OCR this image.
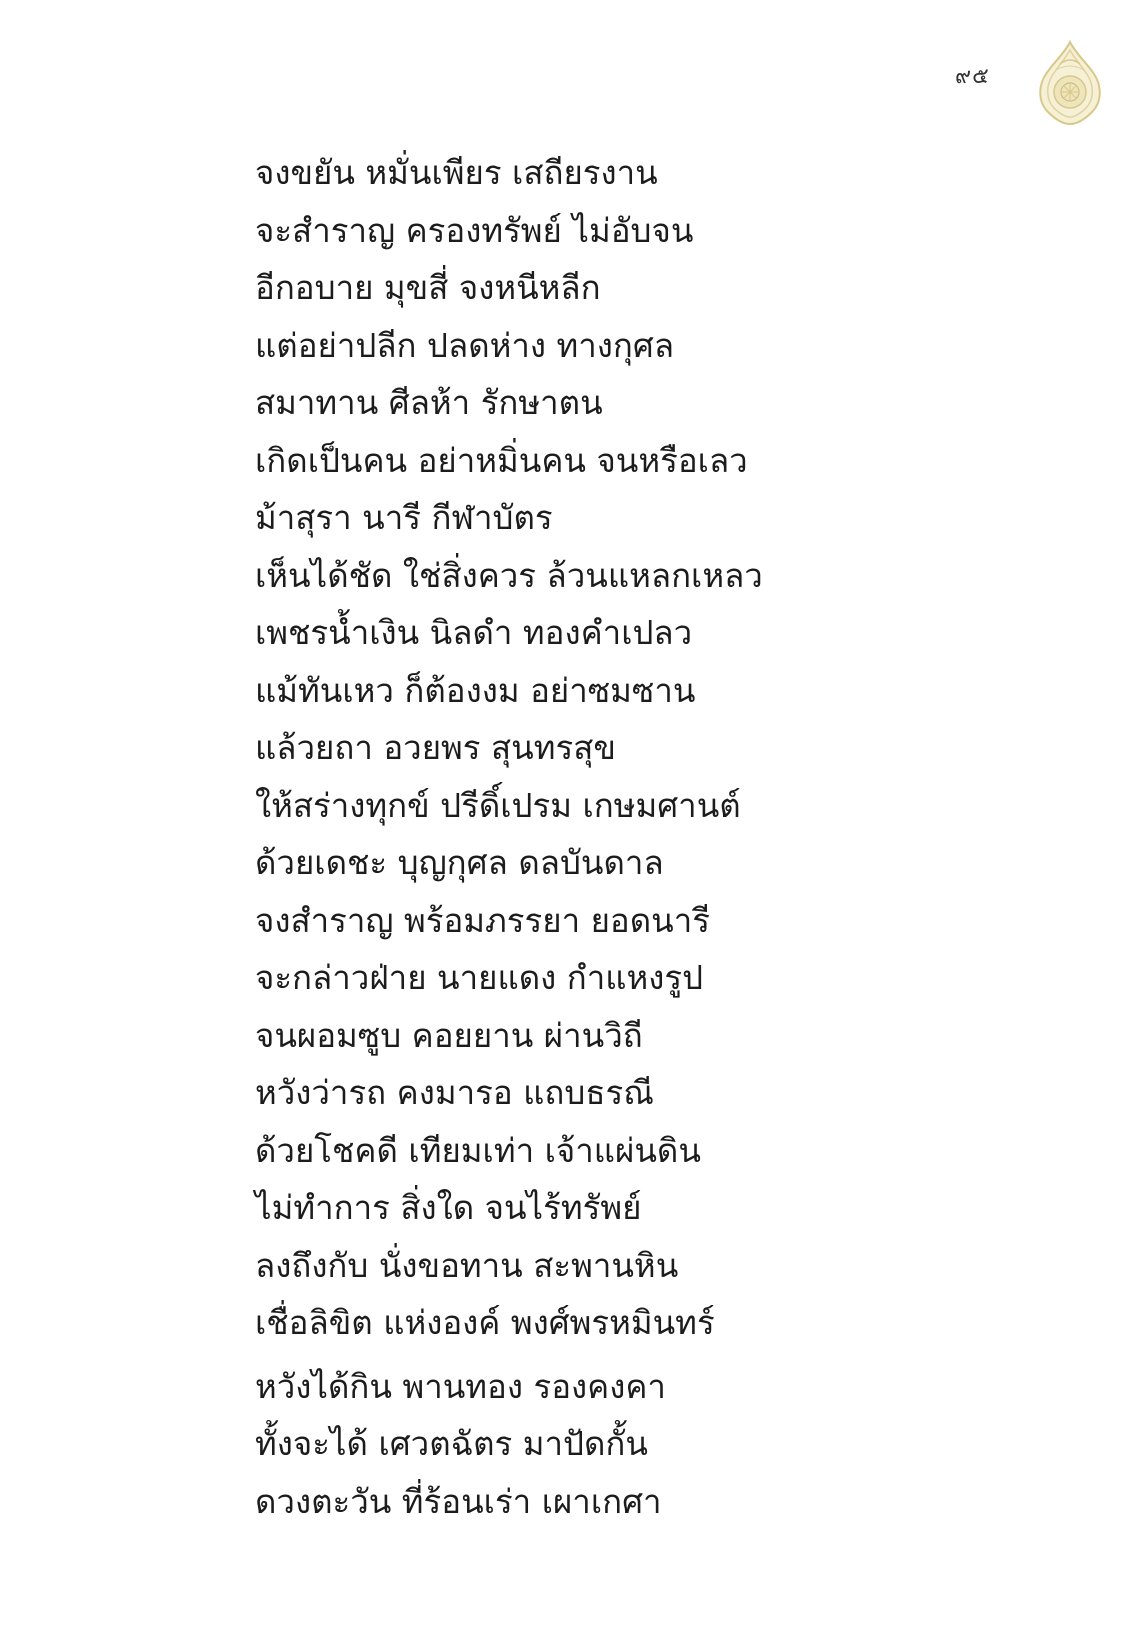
๙๕
จงขยัน หมั่นเพียร เสถียรงาน
จะสำราญ ครองทรัพย์ ไม่อับจน
อีกอบาย มุขสี่ จงหนีหลีก
แต่อย่าปลีก ปลดห่าง ทางกุศล
สมาทาน ศีลห้า รักษาตน
เกิดเป็นคน อย่าหมิ่นคน จนหรือเลว
ม้าสุรา นารี กีฬาบัตร
เห็นได้ชัด ใช่สิ่งควร ล้วนแหลกเหลว
เพชรน้ำเงิน นิลดำ ทองคำเปลว
แม้ทันเหว ก็ต้องงม อย่าซมซาน
แล้วยถา อวยพร สุนทรสุข
ให้สร่างทุกข์ ปรีดิ์เปรม เกษมศานต์
ด้วยเดชะ บุญกุศล ดลบันดาล
จงสำราญ พร้อมภรรยา ยอดนารี
จะกล่าวฝ่าย นายแดง กำแหงรูป
จนผอมซูบ คอยยาน ผ่านวิถี
หวังว่ารถ คงมารอ แถบธรณี
ด้วยโชคดี เทียมเท่า เจ้าแผ่นดิน
ไม่ทำการ สิ่งใด จนไร้ทรัพย์
ลงถึงกับ นั่งขอทาน สะพานหิน
เชื่อลิขิต แห่งองค์ พงศ์พรหมินทร์
หวังได้กิน พานทอง รองคงคา
ทั้งจะได้ เศวตฉัตร มาปัดกั้น
ดวงตะวัน ที่ร้อนเร่า เผาเกศา
